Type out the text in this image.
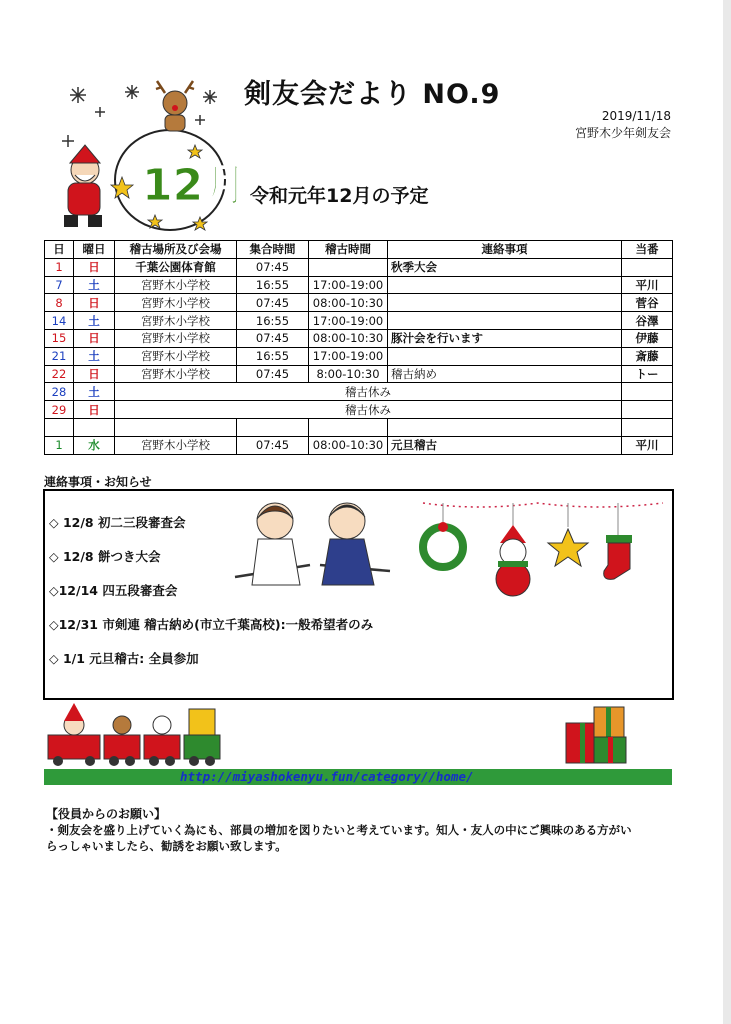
12月
剣友会だより NO.9
2019/11/18
宮野木少年剣友会
令和元年12月の予定
日	曜日	稽古場所及び会場	集合時間	稽古時間	連絡事項	当番
1	日	千葉公園体育館	07:45		秋季大会	
7	土	宮野木小学校	16:55	17:00-19:00		平川
8	日	宮野木小学校	07:45	08:00-10:30		菅谷
14	土	宮野木小学校	16:55	17:00-19:00		谷澤
15	日	宮野木小学校	07:45	08:00-10:30	豚汁会を行います	伊藤
21	土	宮野木小学校	16:55	17:00-19:00		斎藤
22	日	宮野木小学校	07:45	8:00-10:30	稽古納め	トー
28	土	稽古休み				
29	日	稽古休み				

1	水	宮野木小学校	07:45	08:00-10:30	元旦稽古	平川
連絡事項・お知らせ
◇ 12/8 初二三段審査会
◇ 12/8 餅つき大会
◇12/14 四五段審査会
◇12/31 市剣連 稽古納め(市立千葉高校):一般希望者のみ
◇ 1/1 元旦稽古: 全員参加
http://miyashokenyu.fun/category//home/
【役員からのお願い】
・剣友会を盛り上げていく為にも、部員の増加を図りたいと考えています。知人・友人の中にご興味のある方がい
らっしゃいましたら、勧誘をお願い致します。
